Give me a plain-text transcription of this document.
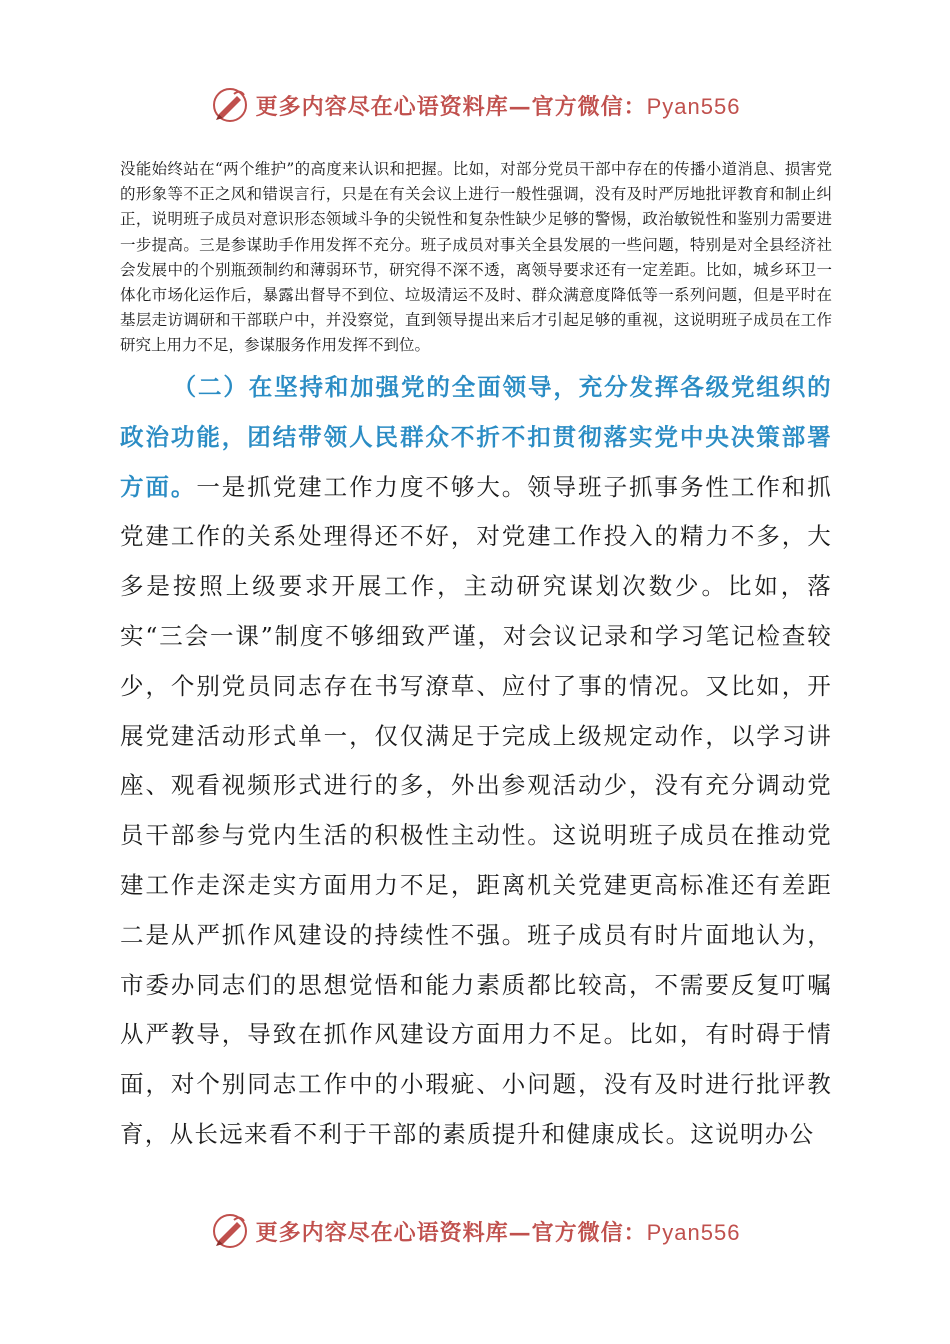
更多内容尽在心语资料库—官方微信：Pyan556
没能始终站在“两个维护”的高度来认识和把握。比如，对部分党员干部中存在的传播小道消息、损害党的形象等不正之风和错误言行，只是在有关会议上进行一般性强调，没有及时严厉地批评教育和制止纠正，说明班子成员对意识形态领域斗争的尖锐性和复杂性缺少足够的警惕，政治敏锐性和鉴别力需要进一步提高。三是参谋助手作用发挥不充分。班子成员对事关全县发展的一些问题，特别是对全县经济社会发展中的个别瓶颈制约和薄弱环节，研究得不深不透，离领导要求还有一定差距。比如，城乡环卫一体化市场化运作后，暴露出督导不到位、垃圾清运不及时、群众满意度降低等一系列问题，但是平时在基层走访调研和干部联户中，并没察觉，直到领导提出来后才引起足够的重视，这说明班子成员在工作研究上用力不足，参谋服务作用发挥不到位。
（二）在坚持和加强党的全面领导，充分发挥各级党组织的政治功能，团结带领人民群众不折不扣贯彻落实党中央决策部署方面。一是抓党建工作力度不够大。领导班子抓事务性工作和抓党建工作的关系处理得还不好，对党建工作投入的精力不多，大多是按照上级要求开展工作，主动研究谋划次数少。比如，落实“三会一课”制度不够细致严谨，对会议记录和学习笔记检查较少，个别党员同志存在书写潦草、应付了事的情况。又比如，开展党建活动形式单一，仅仅满足于完成上级规定动作，以学习讲座、观看视频形式进行的多，外出参观活动少，没有充分调动党员干部参与党内生活的积极性主动性。这说明班子成员在推动党建工作走深走实方面用力不足，距离机关党建更高标准还有差距二是从严抓作风建设的持续性不强。班子成员有时片面地认为，市委办同志们的思想觉悟和能力素质都比较高，不需要反复叮嘱从严教导，导致在抓作风建设方面用力不足。比如，有时碍于情面，对个别同志工作中的小瑕疵、小问题，没有及时进行批评教育，从长远来看不利于干部的素质提升和健康成长。这说明办公
更多内容尽在心语资料库—官方微信：Pyan556
